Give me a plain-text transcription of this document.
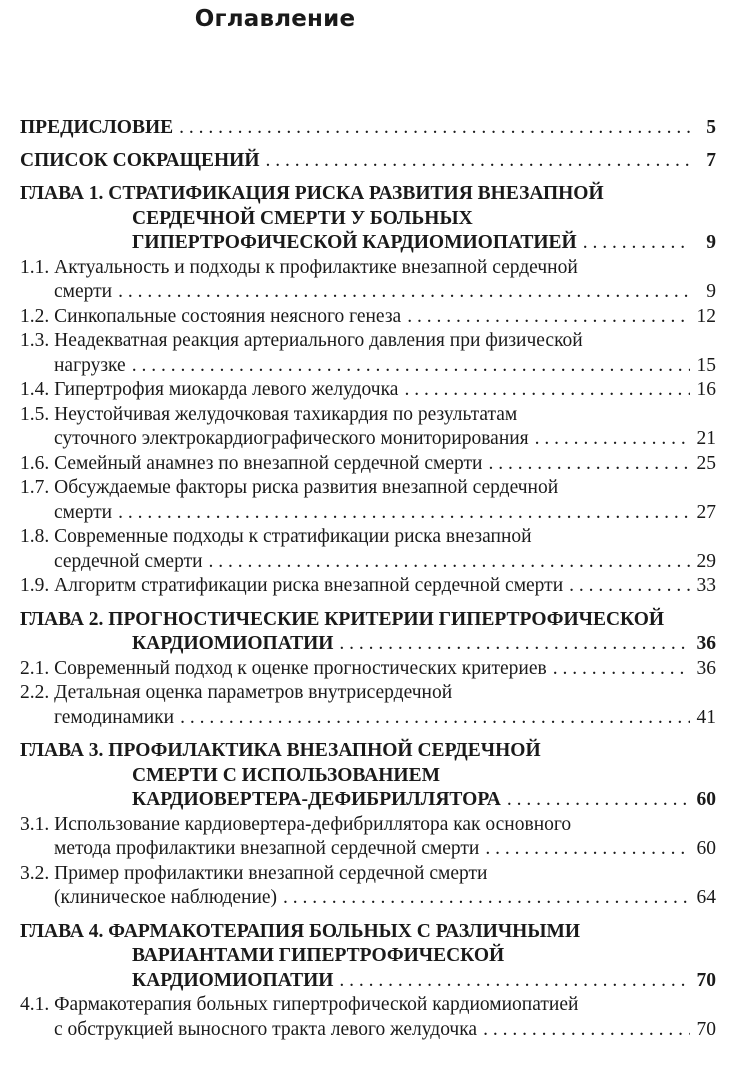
Оглавление
ПРЕДИСЛОВИЕ . . .	5
СПИСОК СОКРАЩЕНИЙ . . .	7
ГЛАВА 1. СТРАТИФИКАЦИЯ РИСКА РАЗВИТИЯ ВНЕЗАПНОЙ
СЕРДЕЧНОЙ СМЕРТИ У БОЛЬНЫХ
ГИПЕРТРОФИЧЕСКОЙ КАРДИОМИОПАТИЕЙ . . .	9
1.1. Актуальность и подходы к профилактике внезапной сердечной
смерти . . .	9
1.2. Синкопальные состояния неясного генеза . . .	12
1.3. Неадекватная реакция артериального давления при физической
нагрузке . . .	15
1.4. Гипертрофия миокарда левого желудочка . . .	16
1.5. Неустойчивая желудочковая тахикардия по результатам
суточного электрокардиографического мониторирования . . .	21
1.6. Семейный анамнез по внезапной сердечной смерти . . .	25
1.7. Обсуждаемые факторы риска развития внезапной сердечной
смерти . . .	27
1.8. Современные подходы к стратификации риска внезапной
сердечной смерти . . .	29
1.9. Алгоритм стратификации риска внезапной сердечной смерти . . .	33
ГЛАВА 2. ПРОГНОСТИЧЕСКИЕ КРИТЕРИИ ГИПЕРТРОФИЧЕСКОЙ
КАРДИОМИОПАТИИ . . .	36
2.1. Современный подход к оценке прогностических критериев . . .	36
2.2. Детальная оценка параметров внутрисердечной
гемодинамики . . .	41
ГЛАВА 3. ПРОФИЛАКТИКА ВНЕЗАПНОЙ СЕРДЕЧНОЙ
СМЕРТИ С ИСПОЛЬЗОВАНИЕМ
КАРДИОВЕРТЕРА-ДЕФИБРИЛЛЯТОРА . . .	60
3.1. Использование кардиовертера-дефибриллятора как основного
метода профилактики внезапной сердечной смерти . . .	60
3.2. Пример профилактики внезапной сердечной смерти
(клиническое наблюдение) . . .	64
ГЛАВА 4. ФАРМАКОТЕРАПИЯ БОЛЬНЫХ С РАЗЛИЧНЫМИ
ВАРИАНТАМИ ГИПЕРТРОФИЧЕСКОЙ
КАРДИОМИОПАТИИ . . .	70
4.1. Фармакотерапия больных гипертрофической кардиомиопатией
с обструкцией выносного тракта левого желудочка . . .	70
